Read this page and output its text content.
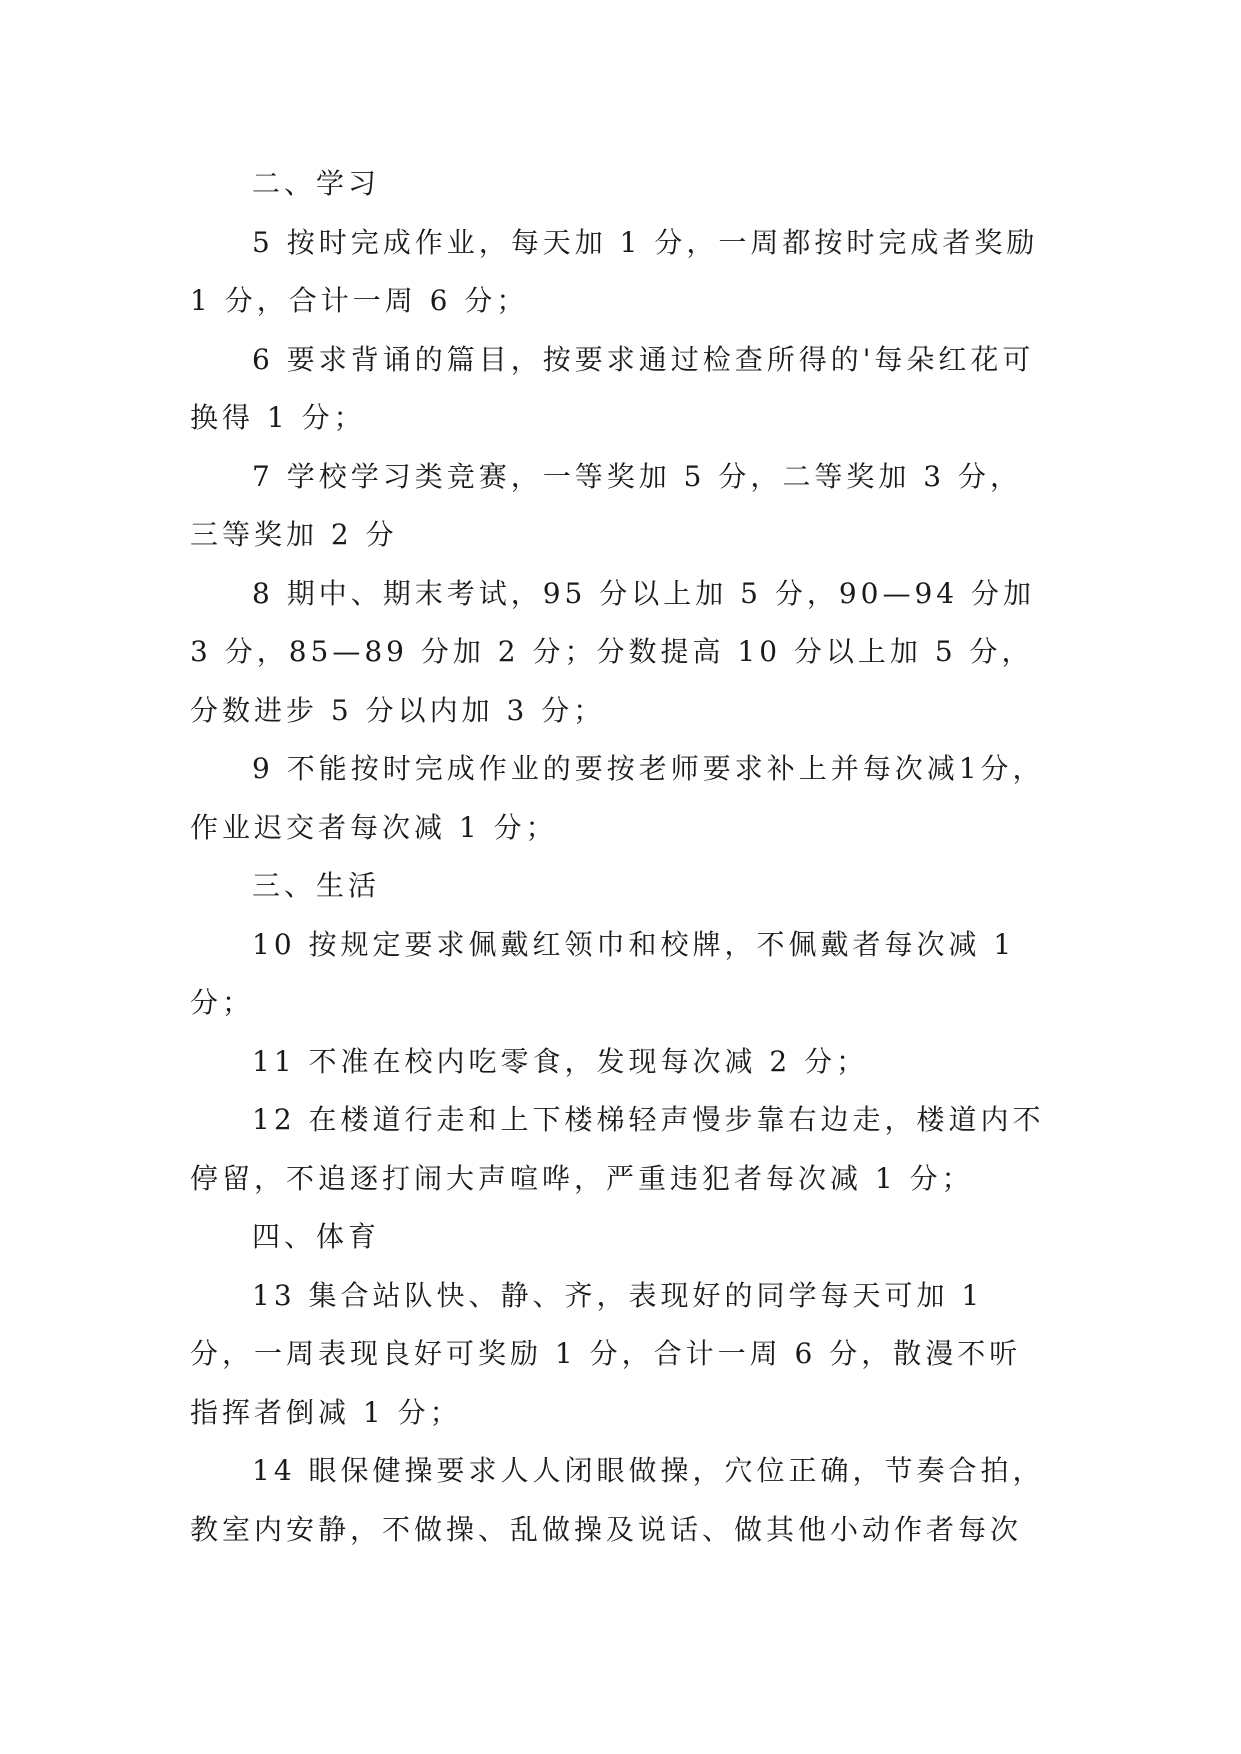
二、学习

5 按时完成作业，每天加 1 分，一周都按时完成者奖励 1 分，合计一周 6 分；

6 要求背诵的篇目，按要求通过检查所得的'每朵红花可换得 1 分；

7 学校学习类竞赛，一等奖加 5 分，二等奖加 3 分，三等奖加 2 分

8 期中、期末考试，95 分以上加 5 分，90—94 分加 3 分，85—89 分加 2 分；分数提高 10 分以上加 5 分，分数进步 5 分以内加 3 分；

9 不能按时完成作业的要按老师要求补上并每次减1分，作业迟交者每次减 1 分；

三、生活

10 按规定要求佩戴红领巾和校牌，不佩戴者每次减 1 分；

11 不准在校内吃零食，发现每次减 2 分；

12 在楼道行走和上下楼梯轻声慢步靠右边走，楼道内不停留，不追逐打闹大声喧哗，严重违犯者每次减 1 分；

四、体育

13 集合站队快、静、齐，表现好的同学每天可加 1 分，一周表现良好可奖励 1 分，合计一周 6 分，散漫不听指挥者倒减 1 分；

14 眼保健操要求人人闭眼做操，穴位正确，节奏合拍，教室内安静，不做操、乱做操及说话、做其他小动作者每次
